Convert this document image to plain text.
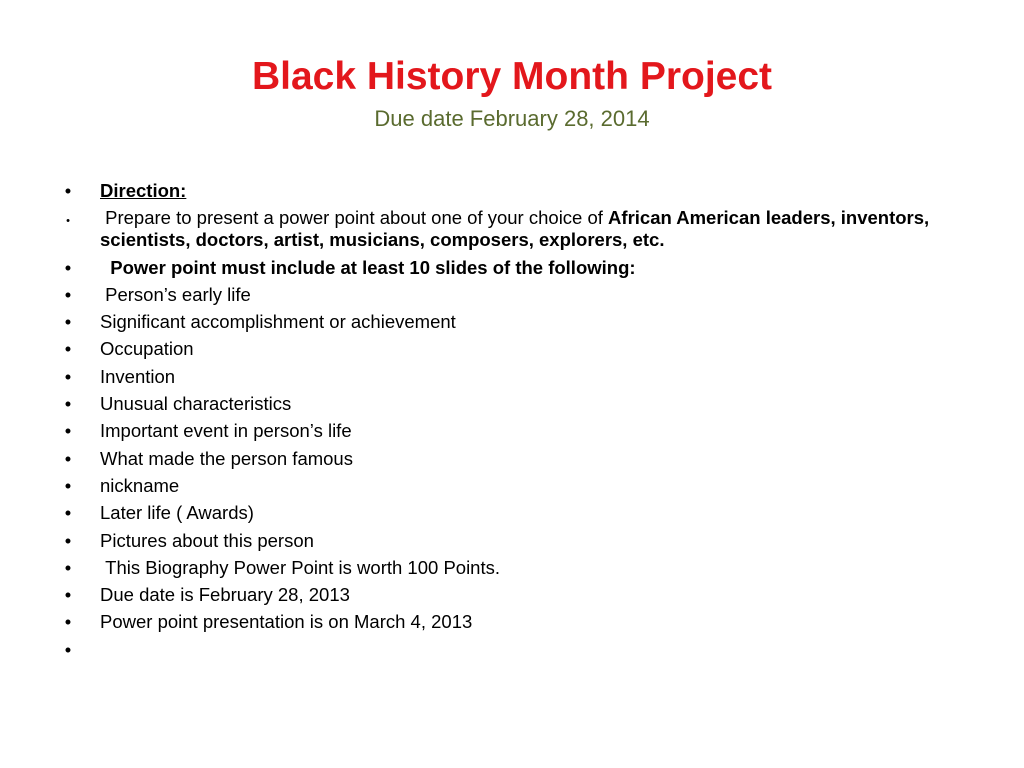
Black History Month Project
Due date February 28, 2014
•	Direction:
•	Prepare to present a power point about one of your choice of African American leaders, inventors, scientists, doctors, artist, musicians, composers, explorers, etc.
•	Power point must include at least 10 slides of the following:
•	Person’s early life
•	Significant accomplishment or achievement
•	Occupation
•	Invention
•	Unusual characteristics
•	Important event in person’s life
•	What made the person famous
•	nickname
•	Later life ( Awards)
•	Pictures about this person
•	This Biography Power Point is worth 100 Points.
•	Due date is February 28, 2013
•	Power point presentation is on March 4, 2013
•
